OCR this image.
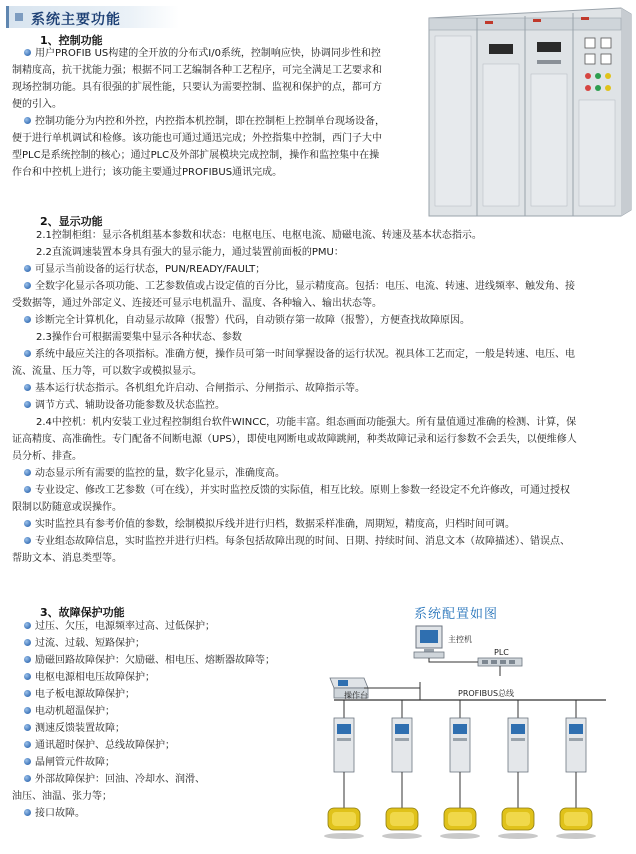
系统主要功能
1、控制功能
用户PROFIB US构建的全开放的分布式I/0系统，控制响应快，协调同步性和控
制精度高，抗干扰能力强；根据不同工艺编制各种工艺程序，可完全满足工艺要求和
现场控制功能。具有很强的扩展性能，只要认为需要控制、监视和保护的点，都可方
便的引入。
控制功能分为内控和外控，内控指本机控制，即在控制柜上控制单台现场设备，
便于进行单机调试和检修。该功能也可通过通迅完成；外控指集中控制，西门子大中
型PLC是系统控制的核心；通过PLC及外部扩展模块完成控制，操作和监控集中在操
作台和中控机上进行；该功能主要通过PROFIBUS通讯完成。
2、显示功能
2.1控制柜组：显示各机组基本参数和状态：电枢电压、电枢电流、励磁电流、转速及基本状态指示。
2.2直流调速装置本身具有强大的显示能力，通过装置前面板的PMU：
可显示当前设备的运行状态，PUN/READY/FAULT；
全数字化显示各项功能、工艺参数值或占设定值的百分比，显示精度高。包括：电压、电流、转速、进线频率、触发角、接
受数据等，通过外部定义、连接还可显示电机温升、温度、各种输入、输出状态等。
诊断完全计算机化，自动显示故障（报警）代码，自动锁存第一故障（报警），方便查找故障原因。
2.3操作台可根据需要集中显示各种状态、参数
系统中最应关注的各项指标。准确方便，操作员可第一时间掌握设备的运行状况。视具体工艺而定，一般是转速、电压、电
流、流量、压力等，可以数字或模拟显示。
基本运行状态指示。各机组允许启动、合闸指示、分闸指示、故障指示等。
调节方式、辅助设备功能参数及状态监控。
2.4中控机：机内安装工业过程控制组台软件WINCC，功能丰富。组态画面功能强大。所有量值通过准确的检测、计算，保
证高精度、高准确性。专门配备不间断电源（UPS），即使电网断电或故障跳闸，种类故障记录和运行参数不会丢失，以便维修人
员分析、排查。
动态显示所有需要的监控的量，数字化显示，准确度高。
专业设定、修改工艺参数（可在线），并实时监控反馈的实际值，相互比较。原则上参数一经设定不允许修改，可通过授权
限制以防随意或误操作。
实时监控具有参考价值的参数，绘制模拟斥线并进行归档，数据采样准确，周期短，精度高，归档时间可调。
专业组态故障信息，实时监控并进行归档。每条包括故障出现的时间、日期、持续时间、消息文本（故障描述）、错误点、
帮助文本、消息类型等。
3、故障保护功能
过压、欠压，电源频率过高、过低保护；
过流、过载、短路保护；
励磁回路故障保护：欠励磁、相电压、熔断器故障等；
电枢电源相电压故障保护；
电子板电源故障保护；
电动机超温保护；
测速反馈装置故障；
通讯超时保护、总线故障保护；
晶闸管元件故障；
外部故障保护：回油、冷却水、润滑、
油压、油温、张力等；
接口故障。
系统配置如图
主控机
PLC
操作台	PROFIBUS总线
